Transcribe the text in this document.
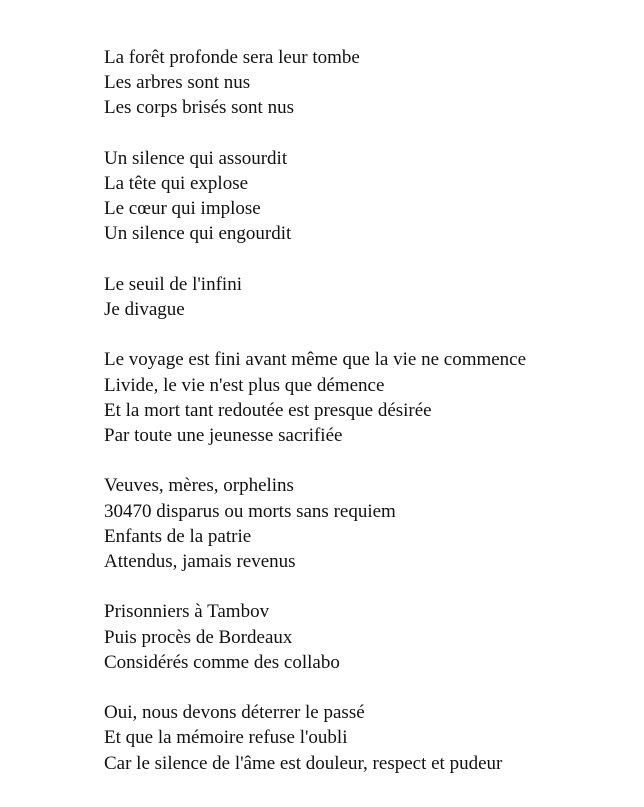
La forêt profonde sera leur tombe
Les arbres sont nus
Les corps brisés sont nus
Un silence qui assourdit
La tête qui explose
Le cœur qui implose
Un silence qui engourdit
Le seuil de l'infini
Je divague
Le voyage est fini avant même que la vie ne commence
Livide, le vie n'est plus que démence
Et la mort tant redoutée est presque désirée
Par toute une jeunesse sacrifiée
Veuves, mères, orphelins
30470 disparus ou morts sans requiem
Enfants de la patrie
Attendus, jamais revenus
Prisonniers à Tambov
Puis procès de Bordeaux
Considérés comme des collabo
Oui, nous devons déterrer le passé
Et que la mémoire refuse l'oubli
Car le silence de l'âme est douleur, respect et pudeur
